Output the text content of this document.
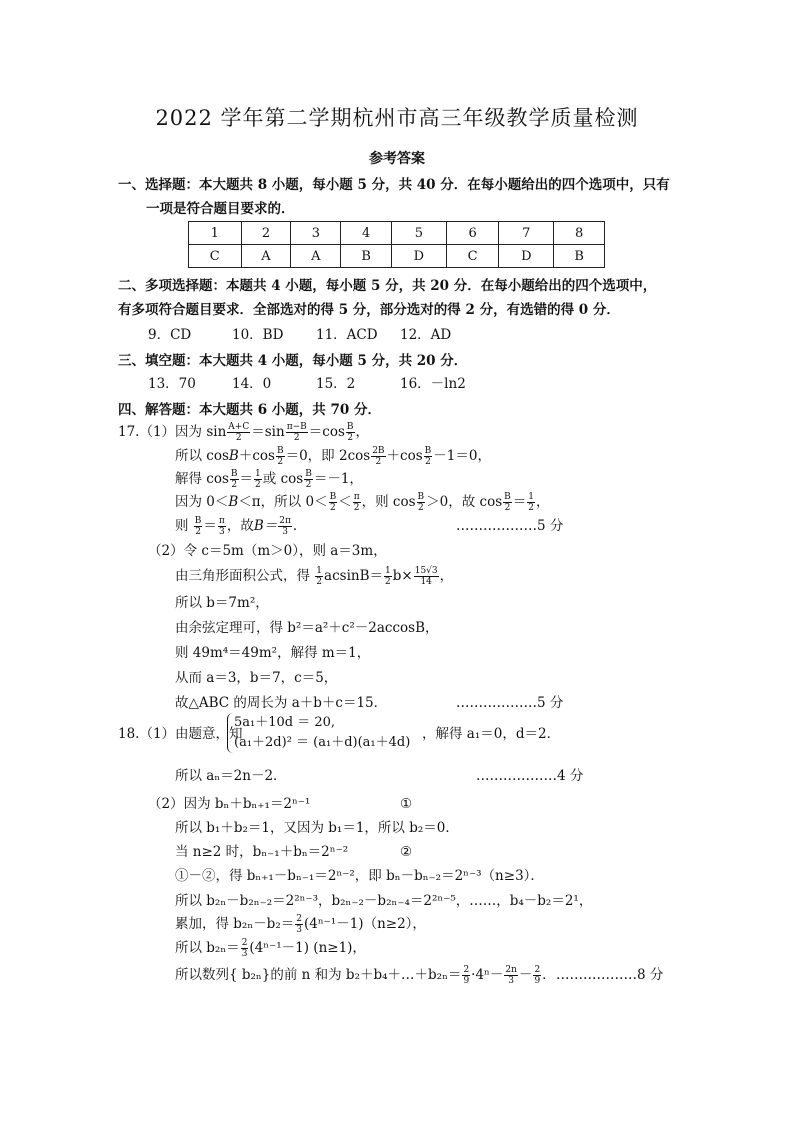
2022 学年第二学期杭州市高三年级教学质量检测
参考答案
一、选择题：本大题共 8 小题，每小题 5 分，共 40 分．在每小题给出的四个选项中，只有
一项是符合题目要求的．
1	2	3	4	5	6	7	8
C	A	A	B	D	C	D	B
二、多项选择题：本题共 4 小题，每小题 5 分，共 20 分．在每小题给出的四个选项中，
有多项符合题目要求．全部选对的得 5 分，部分选对的得 2 分，有选错的得 0 分．
9．CD	10．BD 11．ACD 12．AD
三、填空题：本大题共 4 小题，每小题 5 分，共 20 分．
13．70	14．0	15．2	16．－ln2
四、解答题：本大题共 6 小题，共 70 分．
17.（1）因为 $\sin \frac{A+C}{2} =\sin \frac{\pi-B}{2} =\cos \frac{B}{2}$ ，
所以 $\cos B+\cos \frac{B}{2} =0$，即 $2\cos \frac{2B}{2} +\cos \frac{B}{2} -1=0$，
解得 $\cos \frac{B}{2} = \frac{1}{2}$ 或 $\cos \frac{B}{2} =-1$，
因为 0＜B＜π，所以 $0< \frac{B}{2} < \frac{\pi}{2}$ ，则 $\cos \frac{B}{2} >0$，故 $\cos \frac{B}{2} = \frac{1}{2}$ ，
则 $\frac{B}{2} = \frac{\pi}{3}$ ，故$B= \frac{2\pi}{3}$ ．	………………5 分
（2）令 c＝5m（m＞0），则 a＝3m，
由三角形面积公式，得 $\frac{1}{2} acsinB= \frac{1}{2} b\times \frac{15√3}{14}$ ，
所以 b＝7m²，
由余弦定理可，得 b²＝a²＋c²－2accosB，
则 49m⁴＝49m²，解得 m＝1，
从而 a＝3，b＝7，c＝5，
故△ABC 的周长为 a＋b＋c＝15．	………………5 分
18.（1）由题意，知
5a₁＋10d ＝ 20,
(a₁＋2d)² ＝ (a₁＋d)(a₁＋4d)
，解得 a₁＝0，d＝2．
所以 aₙ＝2n－2．	………………4 分
（2）因为 bₙ＋bₙ₊₁＝2ⁿ⁻¹	①
所以 b₁＋b₂＝1，又因为 b₁＝1，所以 b₂＝0．
当 n≥2 时，bₙ₋₁＋bₙ＝2ⁿ⁻²	②
①－②，得 bₙ₊₁－bₙ₋₁＝2ⁿ⁻²，即 bₙ－bₙ₋₂＝2ⁿ⁻³（n≥3）．
所以 b₂ₙ－b₂ₙ₋₂＝2²ⁿ⁻³，b₂ₙ₋₂－b₂ₙ₋₄＝2²ⁿ⁻⁵，……，b₄－b₂＝2¹，
累加，得 $b_{2n}-b_2= \frac{2}{3} (4^{n-1}-1)(n\ge 2)$，
所以 $b_{2n}= \frac{2}{3} (4^{n-1}-1)$ (n≥1)，
所以数列{ b₂ₙ}的前 n 和为 b₂＋b₄＋…＋b₂ₙ＝ $\frac{2}{9} \cdot 4^n- \frac{2n}{3} - \frac{2}{9}$ ． ………………8 分
